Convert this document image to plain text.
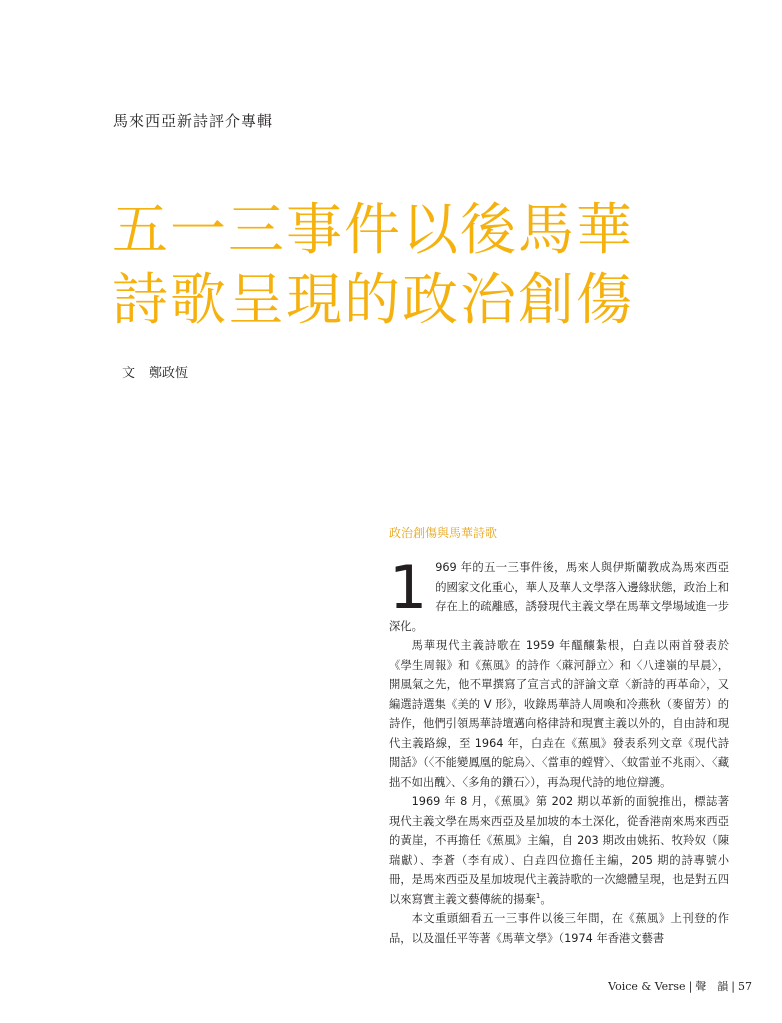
馬來西亞新詩評介專輯
五一三事件以後馬華
詩歌呈現的政治創傷
文 鄭政恆
政治創傷與馬華詩歌

1 969 年的五一三事件後，馬來人與伊斯蘭教成為馬來西亞的國家文化重心，華人及華人文學落入邊緣狀態，政治上和存在上的疏離感，誘發現代主義文學在馬華文學場域進一步深化。

馬華現代主義詩歌在 1959 年醞釀紮根，白垚以兩首發表於《學生周報》和《蕉風》的詩作〈蔴河靜立〉和〈八達嶺的早晨〉，開風氣之先，他不單撰寫了宣言式的評論文章〈新詩的再革命〉，又編選詩選集《美的 V 形》，收錄馬華詩人周喚和冷燕秋（麥留芳）的詩作，他們引領馬華詩壇邁向格律詩和現實主義以外的，自由詩和現代主義路線，至 1964 年，白垚在《蕉風》發表系列文章《現代詩閒話》（〈不能變鳳凰的鴕鳥〉、〈當車的螳臂〉、〈蚊雷並不兆雨〉、〈藏拙不如出醜〉、〈多角的鑽石〉），再為現代詩的地位辯護。

1969 年 8 月，《蕉風》第 202 期以革新的面貌推出，標誌著現代主義文學在馬來西亞及星加坡的本土深化，從香港南來馬來西亞的黃崖，不再擔任《蕉風》主編，自 203 期改由姚拓、牧羚奴（陳瑞獻）、李蒼（李有成）、白垚四位擔任主編，205 期的詩專號小冊，是馬來西亞及星加坡現代主義詩歌的一次總體呈現，也是對五四以來寫實主義文藝傳統的揚棄$^1$。

本文重頭細看五一三事件以後三年間，在《蕉風》上刊登的作品，以及溫任平等著《馬華文學》（1974 年香港文藝書

Voice & Verse | 聲　韻 | 57
